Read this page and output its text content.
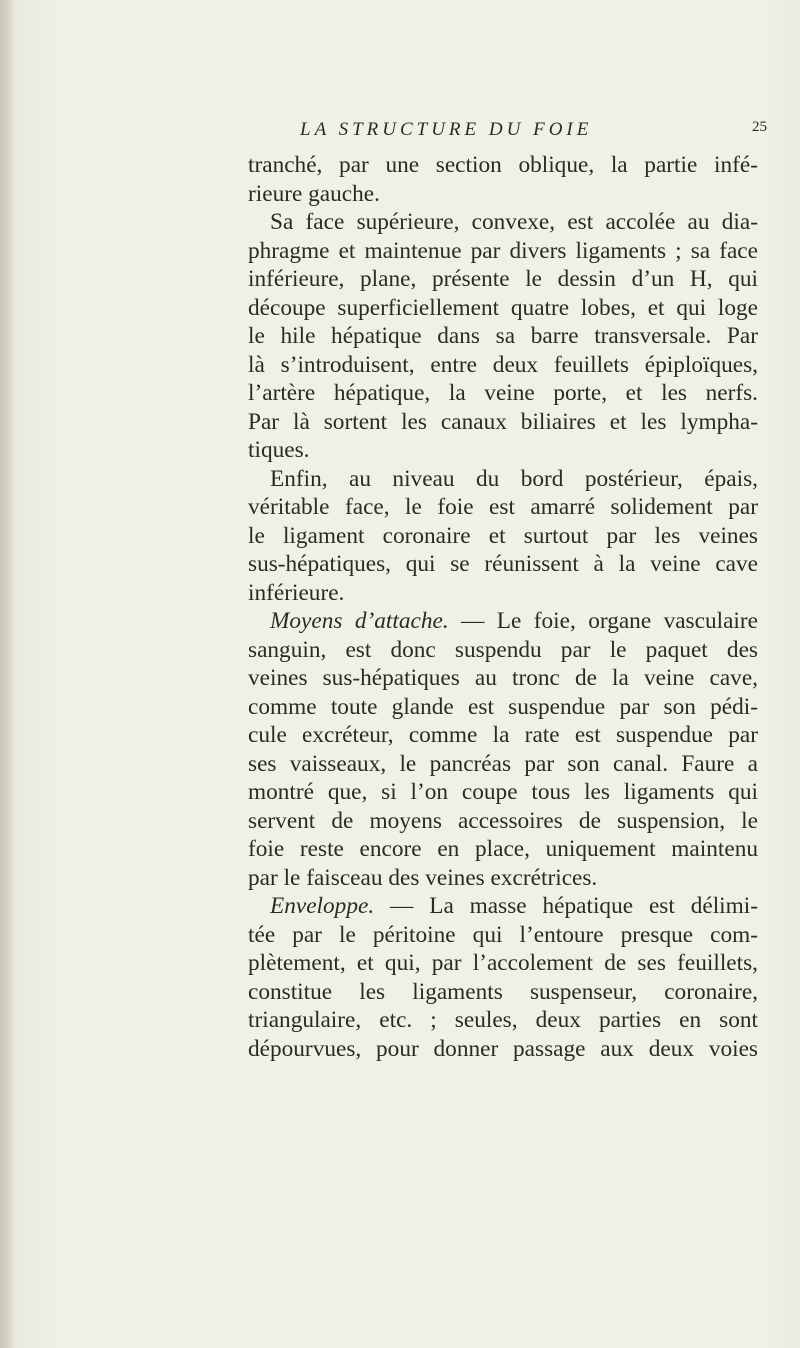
LA STRUCTURE DU FOIE	25
tranché, par une section oblique, la partie infé-
rieure gauche.
Sa face supérieure, convexe, est accolée au dia-
phragme et maintenue par divers ligaments ; sa face
inférieure, plane, présente le dessin d’un H, qui
découpe superficiellement quatre lobes, et qui loge
le hile hépatique dans sa barre transversale. Par
là s’introduisent, entre deux feuillets épiploïques,
l’artère hépatique, la veine porte, et les nerfs.
Par là sortent les canaux biliaires et les lympha-
tiques.
Enfin, au niveau du bord postérieur, épais,
véritable face, le foie est amarré solidement par
le ligament coronaire et surtout par les veines
sus-hépatiques, qui se réunissent à la veine cave
inférieure.
Moyens d’attache. — Le foie, organe vasculaire
sanguin, est donc suspendu par le paquet des
veines sus-hépatiques au tronc de la veine cave,
comme toute glande est suspendue par son pédi-
cule excréteur, comme la rate est suspendue par
ses vaisseaux, le pancréas par son canal. Faure a
montré que, si l’on coupe tous les ligaments qui
servent de moyens accessoires de suspension, le
foie reste encore en place, uniquement maintenu
par le faisceau des veines excrétrices.
Enveloppe. — La masse hépatique est délimi-
tée par le péritoine qui l’entoure presque com-
plètement, et qui, par l’accolement de ses feuillets,
constitue les ligaments suspenseur, coronaire,
triangulaire, etc. ; seules, deux parties en sont
dépourvues, pour donner passage aux deux voies
